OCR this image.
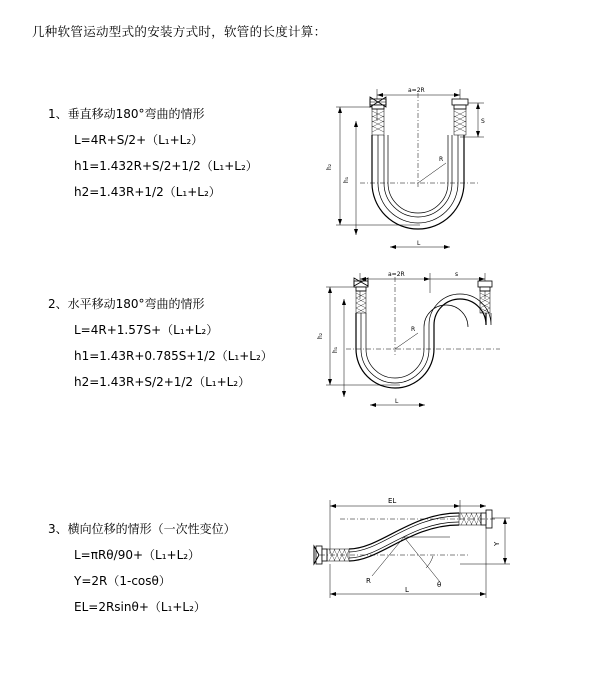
几种软管运动型式的安装方式时，软管的长度计算：
1、垂直移动180°弯曲的情形
L=4R+S/2+（L₁+L₂）
h1=1.432R+S/2+1/2（L₁+L₂）
h2=1.43R+1/2（L₁+L₂）
a=2R
S
h₂
h₁
R
L
2、水平移动180°弯曲的情形
L=4R+1.57S+（L₁+L₂）
h1=1.43R+0.785S+1/2（L₁+L₂）
h2=1.43R+S/2+1/2（L₁+L₂）
a=2R	s
h₂
h₁
R
L
3、横向位移的情形（一次性变位）
L=πRθ/90+（L₁+L₂）
Y=2R（1-cosθ）
EL=2Rsinθ+（L₁+L₂）
EL
Y
θ
R
L
